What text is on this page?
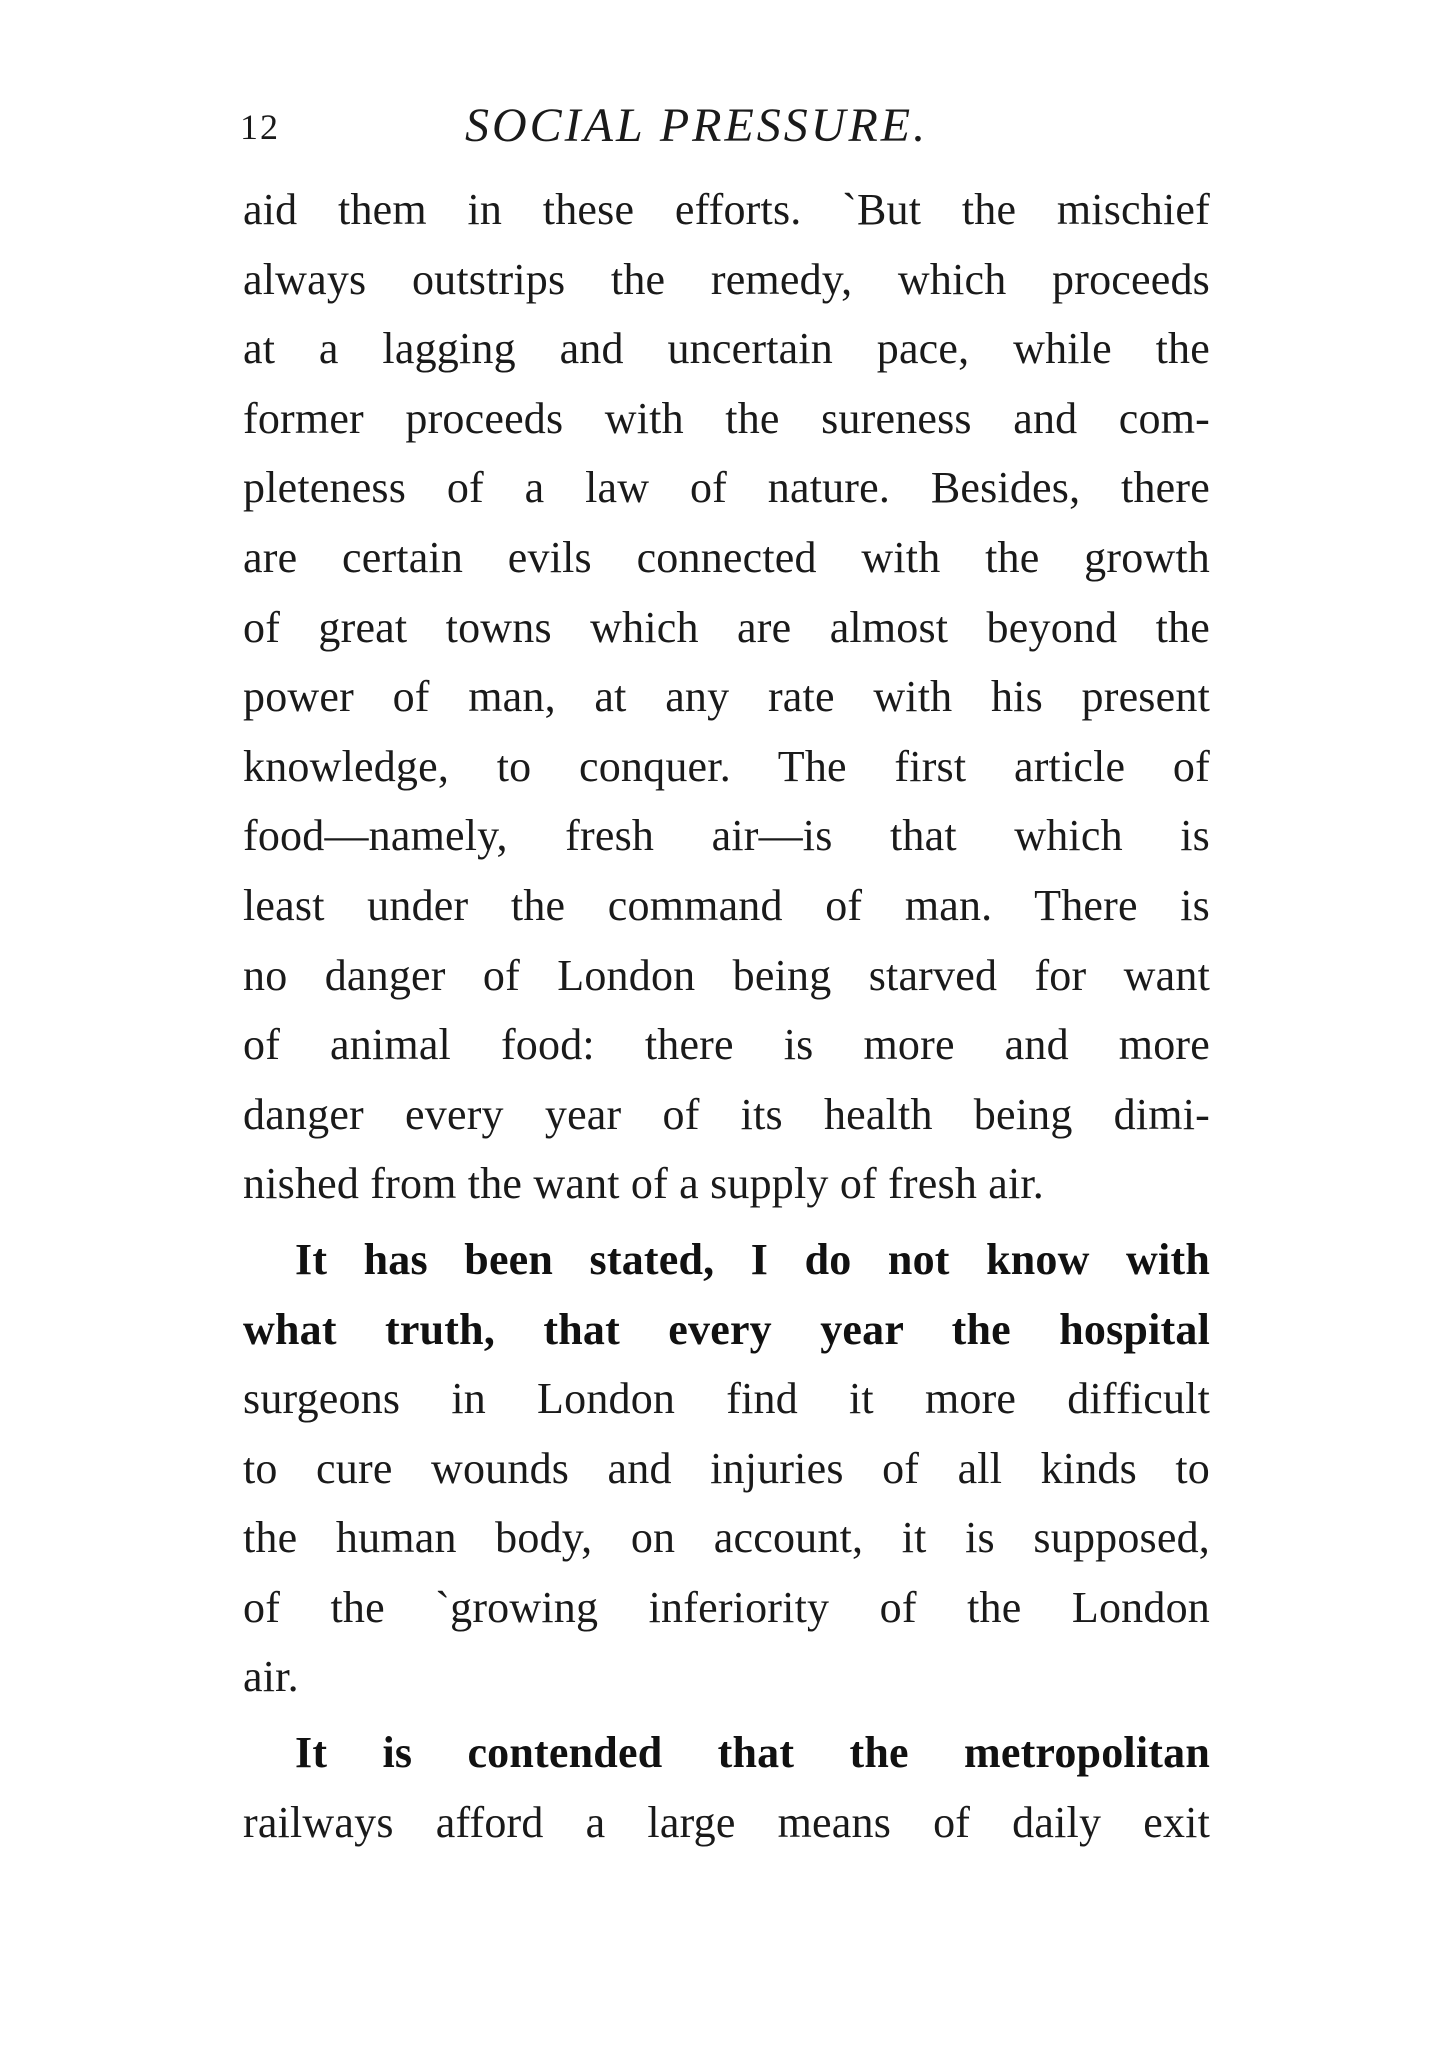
12	SOCIAL PRESSURE.
aid them in these efforts. `But the mischief
always outstrips the remedy, which proceeds
at a lagging and uncertain pace, while the
former proceeds with the sureness and com-
pleteness of a law of nature. Besides, there
are certain evils connected with the growth
of great towns which are almost beyond the
power of man, at any rate with his present
knowledge, to conquer. The first article of
food—namely, fresh air—is that which is
least under the command of man. There is
no danger of London being starved for want
of animal food: there is more and more
danger every year of its health being dimi-
nished from the want of a supply of fresh air.
It has been stated, I do not know with
what truth, that every year the hospital
surgeons in London find it more difficult
to cure wounds and injuries of all kinds to
the human body, on account, it is supposed,
of the `growing inferiority of the London
air.
It is contended that the metropolitan
railways afford a large means of daily exit
